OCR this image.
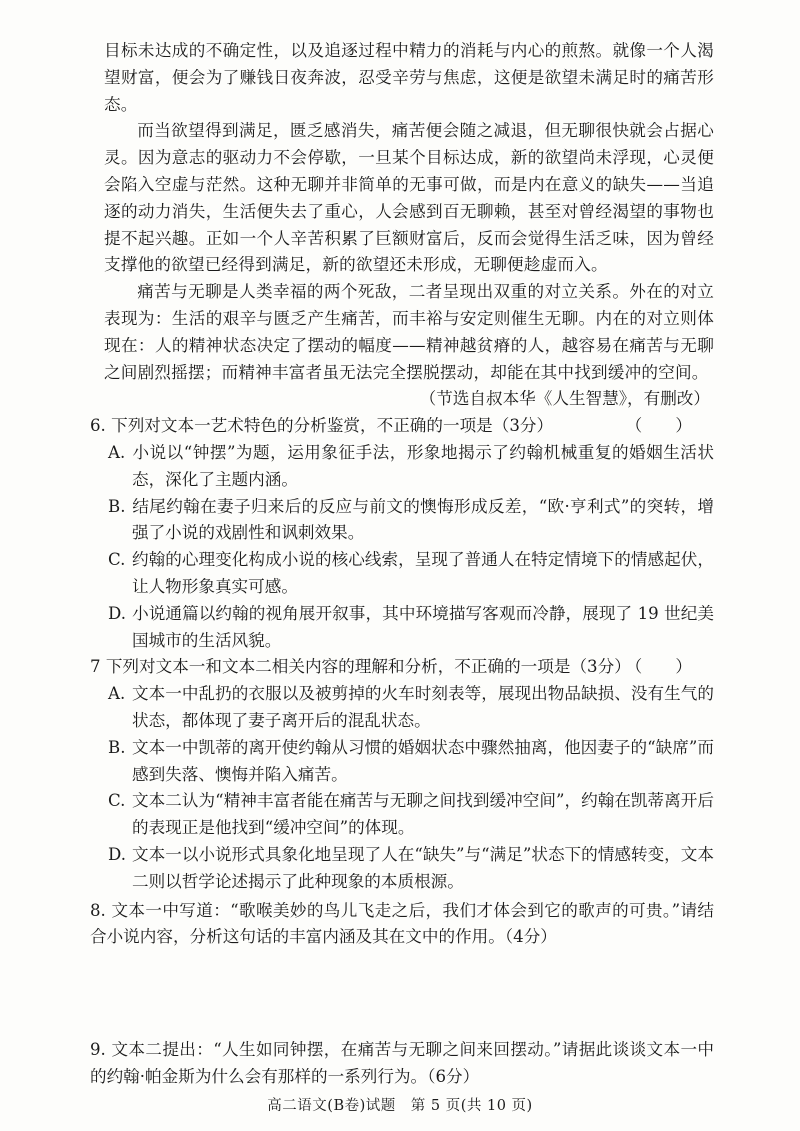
目标未达成的不确定性，以及追逐过程中精力的消耗与内心的煎熬。就像一个人渴望财富，便会为了赚钱日夜奔波，忍受辛劳与焦虑，这便是欲望未满足时的痛苦形态。

而当欲望得到满足，匮乏感消失，痛苦便会随之减退，但无聊很快就会占据心灵。因为意志的驱动力不会停歇，一旦某个目标达成，新的欲望尚未浮现，心灵便会陷入空虚与茫然。这种无聊并非简单的无事可做，而是内在意义的缺失——当追逐的动力消失，生活便失去了重心，人会感到百无聊赖，甚至对曾经渴望的事物也提不起兴趣。正如一个人辛苦积累了巨额财富后，反而会觉得生活乏味，因为曾经支撑他的欲望已经得到满足，新的欲望还未形成，无聊便趁虚而入。

痛苦与无聊是人类幸福的两个死敌，二者呈现出双重的对立关系。外在的对立表现为：生活的艰辛与匮乏产生痛苦，而丰裕与安定则催生无聊。内在的对立则体现在：人的精神状态决定了摆动的幅度——精神越贫瘠的人，越容易在痛苦与无聊之间剧烈摇摆；而精神丰富者虽无法完全摆脱摆动，却能在其中找到缓冲的空间。

（节选自叔本华《人生智慧》，有删改）

6. 下列对文本一艺术特色的分析鉴赏，不正确的一项是（3分）	（　　）

A. 小说以“钟摆”为题，运用象征手法，形象地揭示了约翰机械重复的婚姻生活状态，深化了主题内涵。

B. 结尾约翰在妻子归来后的反应与前文的懊悔形成反差，“欧·亨利式”的突转，增强了小说的戏剧性和讽刺效果。

C. 约翰的心理变化构成小说的核心线索，呈现了普通人在特定情境下的情感起伏，让人物形象真实可感。

D. 小说通篇以约翰的视角展开叙事，其中环境描写客观而冷静，展现了 19 世纪美国城市的生活风貌。

7 下列对文本一和文本二相关内容的理解和分析，不正确的一项是（3分）
（　　）

A. 文本一中乱扔的衣服以及被剪掉的火车时刻表等，展现出物品缺损、没有生气的状态，都体现了妻子离开后的混乱状态。

B. 文本一中凯蒂的离开使约翰从习惯的婚姻状态中骤然抽离，他因妻子的“缺席”而感到失落、懊悔并陷入痛苦。

C. 文本二认为“精神丰富者能在痛苦与无聊之间找到缓冲空间”，约翰在凯蒂离开后的表现正是他找到“缓冲空间”的体现。

D. 文本一以小说形式具象化地呈现了人在“缺失”与“满足”状态下的情感转变，文本二则以哲学论述揭示了此种现象的本质根源。

8. 文本一中写道：“歌喉美妙的鸟儿飞走之后，我们才体会到它的歌声的可贵。”请结合小说内容，分析这句话的丰富内涵及其在文中的作用。（4分）

9. 文本二提出：“人生如同钟摆，在痛苦与无聊之间来回摆动。”请据此谈谈文本一中的约翰·帕金斯为什么会有那样的一系列行为。（6分）

高二语文(B卷)试题　第 5 页(共 10 页)
